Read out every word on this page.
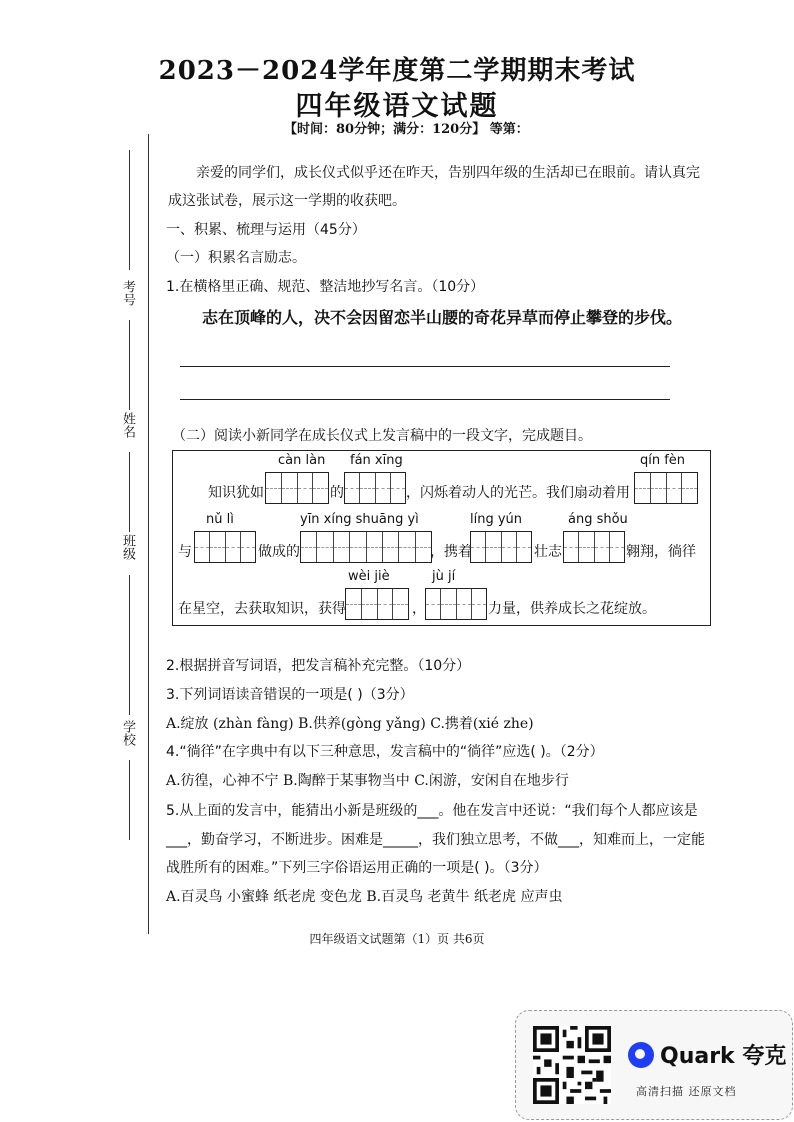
2023－2024学年度第二学期期末考试
四年级语文试题
【时间：80分钟；满分：120分】 等第：
考号
姓名
班级
学校
亲爱的同学们，成长仪式似乎还在昨天，告别四年级的生活却已在眼前。请认真完
成这张试卷，展示这一学期的收获吧。
一、积累、梳理与运用（45分）
（一）积累名言励志。
1.在横格里正确、规范、整洁地抄写名言。（10分）
志在顶峰的人，决不会因留恋半山腰的奇花异草而停止攀登的步伐。
（二）阅读小新同学在成长仪式上发言稿中的一段文字，完成题目。
càn làn fán xīng	qín fèn
知识犹如	的	，闪烁着动人的光芒。我们扇动着用
nǔ lì	yīn xíng shuāng yì	líng yún	áng shǒu
与	做成的	，携着	壮志	翱翔，徜徉
wèi jiè	jù jí
在星空，去获取知识，获得	，	力量，供养成长之花绽放。
2.根据拼音写词语，把发言稿补充完整。（10分）
3.下列词语读音错误的一项是( )（3分）
A.绽放 (zhàn fàng) B.供养(gòng yǎng) C.携着(xié zhe)
4.“徜徉”在字典中有以下三种意思，发言稿中的“徜徉”应选( )。（2分）
A.彷徨，心神不宁 B.陶醉于某事物当中 C.闲游，安闲自在地步行
5.从上面的发言中，能猜出小新是班级的___。他在发言中还说：“我们每个人都应该是
___，勤奋学习，不断进步。困难是_____，我们独立思考，不做___，知难而上，一定能
战胜所有的困难。”下列三字俗语运用正确的一项是( )。（3分）
A.百灵鸟 小蜜蜂 纸老虎 变色龙 B.百灵鸟 老黄牛 纸老虎 应声虫
四年级语文试题第（1）页 共6页
Quark 夸克
高清扫描 还原文档
